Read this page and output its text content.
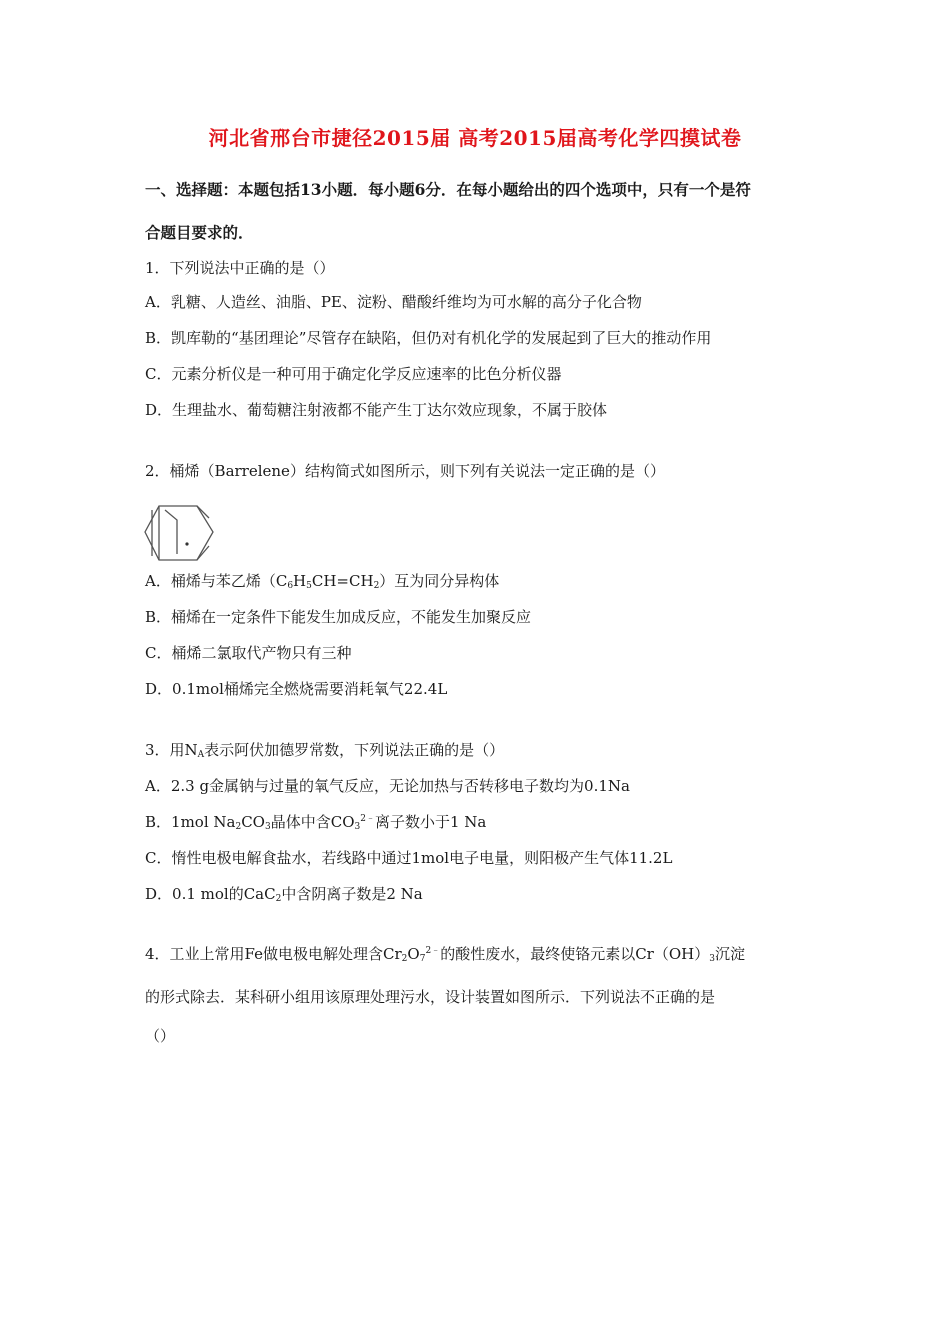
河北省邢台市捷径2015届 高考2015届高考化学四摸试卷
一、选择题：本题包括13小题．每小题6分．在每小题给出的四个选项中，只有一个是符
合题目要求的．
1．下列说法中正确的是（）
A．乳糖、人造丝、油脂、PE、淀粉、醋酸纤维均为可水解的高分子化合物
B．凯库勒的“基团理论”尽管存在缺陷，但仍对有机化学的发展起到了巨大的推动作用
C．元素分析仪是一种可用于确定化学反应速率的比色分析仪器
D．生理盐水、葡萄糖注射液都不能产生丁达尔效应现象，不属于胶体
2．桶烯（Barrelene）结构简式如图所示，则下列有关说法一定正确的是（）
A．桶烯与苯乙烯$(C_6H_5CH=CH_2)$互为同分异构体
B．桶烯在一定条件下能发生加成反应，不能发生加聚反应
C．桶烯二氯取代产物只有三种
D．0.1mol桶烯完全燃烧需要消耗氧气22.4L
3．用$N_A$表示阿伏加德罗常数，下列说法正确的是（）
A．2.3 g金属钠与过量的氧气反应，无论加热与否转移电子数均为0.1Na
B．1mol $Na_2CO_3$晶体中含$CO_3^{2﹣}$离子数小于1 Na
C．惰性电极电解食盐水，若线路中通过1mol电子电量，则阳极产生气体11.2L
D．0.1 mol的CaC$_2$中含阴离子数是2 Na
4．工业上常用Fe做电极电解处理含$Cr_2O_7^{2﹣}$的酸性废水，最终使铬元素以$Cr(OH)_3$沉淀
的形式除去．某科研小组用该原理处理污水，设计装置如图所示．下列说法不正确的是
（）
